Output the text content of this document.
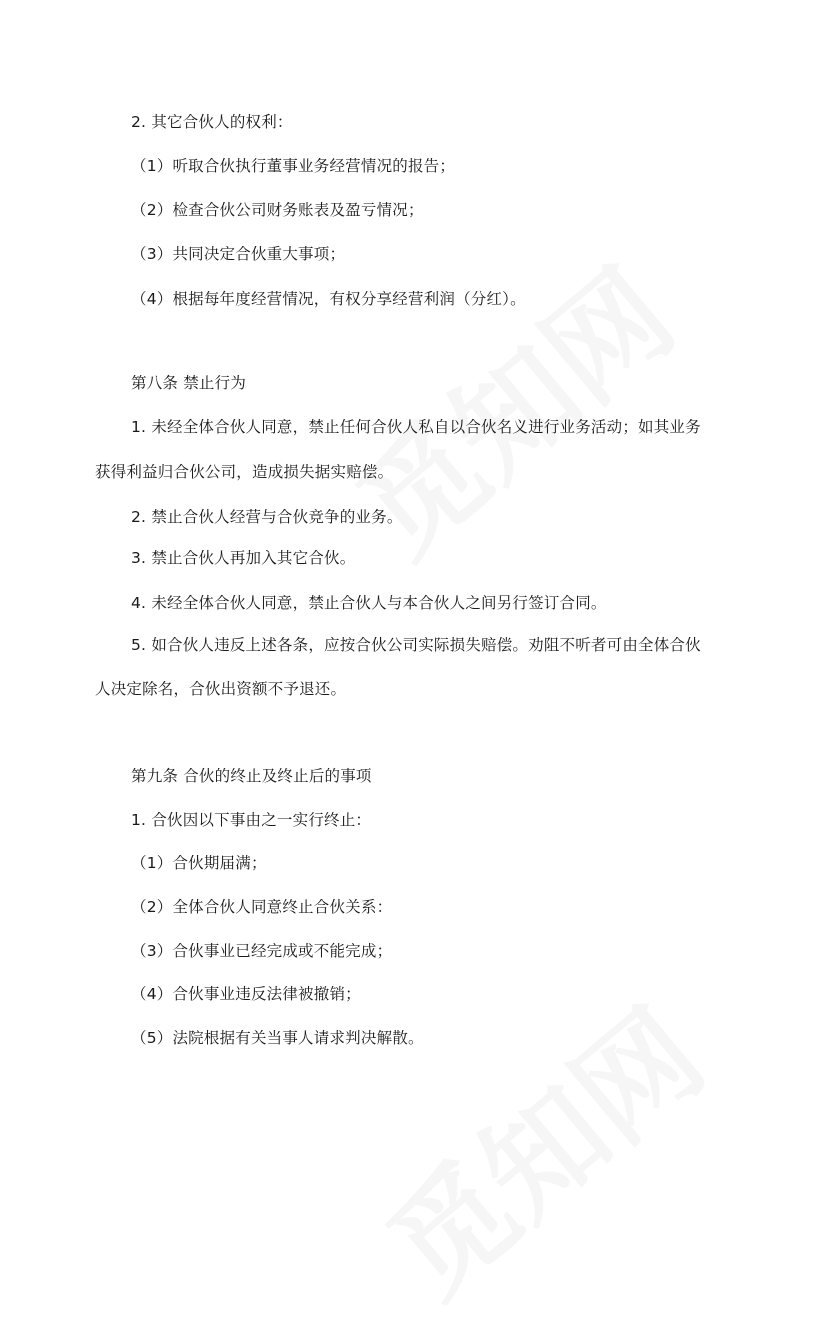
2. 其它合伙人的权利：
（1）听取合伙执行董事业务经营情况的报告；
（2）检查合伙公司财务账表及盈亏情况；
（3）共同决定合伙重大事项；
（4）根据每年度经营情况，有权分享经营利润（分红）。
第八条 禁止行为
1. 未经全体合伙人同意，禁止任何合伙人私自以合伙名义进行业务活动；如其业务
获得利益归合伙公司，造成损失据实赔偿。
2. 禁止合伙人经营与合伙竞争的业务。
3. 禁止合伙人再加入其它合伙。
4. 未经全体合伙人同意，禁止合伙人与本合伙人之间另行签订合同。
5. 如合伙人违反上述各条，应按合伙公司实际损失赔偿。劝阻不听者可由全体合伙
人决定除名，合伙出资额不予退还。
第九条 合伙的终止及终止后的事项
1. 合伙因以下事由之一实行终止：
（1）合伙期届满；
（2）全体合伙人同意终止合伙关系：
（3）合伙事业已经完成或不能完成；
（4）合伙事业违反法律被撤销；
（5）法院根据有关当事人请求判决解散。
